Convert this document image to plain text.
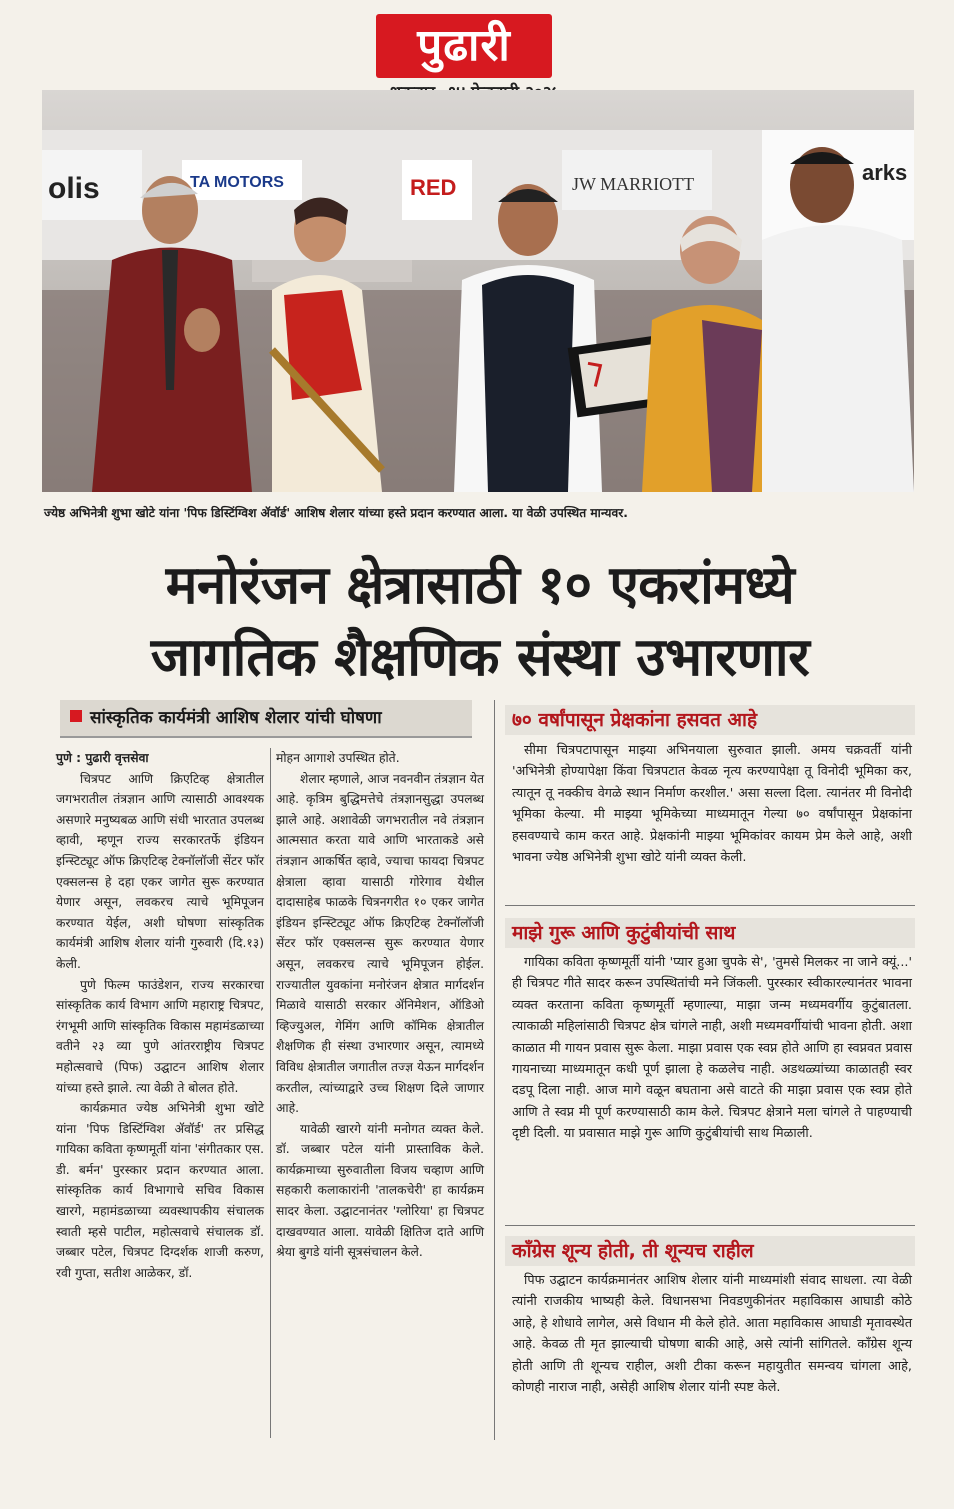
पुढारी
olis	TA MOTORS	RED	JW MARRIOTT	arks
ज्येष्ठ अभिनेत्री शुभा खोटे यांना 'पिफ डिस्टिंग्विश ॲवॉर्ड' आशिष शेलार यांच्या हस्ते प्रदान करण्यात आला. या वेळी उपस्थित मान्यवर.
मनोरंजन क्षेत्रासाठी १० एकरांमध्ये
जागतिक शैक्षणिक संस्था उभारणार
सांस्कृतिक कार्यमंत्री आशिष शेलार यांची घोषणा

पुणे : पुढारी वृत्तसेवा

चित्रपट आणि क्रिएटिव्ह क्षेत्रातील जगभरातील तंत्रज्ञान आणि त्यासाठी आवश्यक असणारे मनुष्यबळ आणि संधी भारतात उपलब्ध व्हावी, म्हणून राज्य सरकारतर्फे इंडियन इन्स्टिट्यूट ऑफ क्रिएटिव्ह टेक्नॉलॉजी सेंटर फॉर एक्सलन्स हे दहा एकर जागेत सुरू करण्यात येणार असून, लवकरच त्याचे भूमिपूजन करण्यात येईल, अशी घोषणा सांस्कृतिक कार्यमंत्री आशिष शेलार यांनी गुरुवारी (दि.१३) केली.

पुणे फिल्म फाउंडेशन, राज्य सरकारचा सांस्कृतिक कार्य विभाग आणि महाराष्ट्र चित्रपट, रंगभूमी आणि सांस्कृतिक विकास महामंडळाच्या वतीने २३ व्या पुणे आंतरराष्ट्रीय चित्रपट महोत्सवाचे (पिफ) उद्घाटन आशिष शेलार यांच्या हस्ते झाले. त्या वेळी ते बोलत होते.

कार्यक्रमात ज्येष्ठ अभिनेत्री शुभा खोटे यांना 'पिफ डिस्टिंग्विश ॲवॉर्ड' तर प्रसिद्ध गायिका कविता कृष्णमूर्ती यांना 'संगीतकार एस. डी. बर्मन' पुरस्कार प्रदान करण्यात आला. सांस्कृतिक कार्य विभागाचे सचिव विकास खारगे, महामंडळाच्या व्यवस्थापकीय संचालक स्वाती म्हसे पाटील, महोत्सवाचे संचालक डॉ. जब्बार पटेल, चित्रपट दिग्दर्शक शाजी करुण, रवी गुप्ता, सतीश आळेकर, डॉ.

मोहन आगाशे उपस्थित होते.

शेलार म्हणाले, आज नवनवीन तंत्रज्ञान येत आहे. कृत्रिम बुद्धिमत्तेचे तंत्रज्ञानसुद्धा उपलब्ध झाले आहे. अशावेळी जगभरातील नवे तंत्रज्ञान आत्मसात करता यावे आणि भारताकडे असे तंत्रज्ञान आकर्षित व्हावे, ज्याचा फायदा चित्रपट क्षेत्राला व्हावा यासाठी गोरेगाव येथील दादासाहेब फाळके चित्रनगरीत १० एकर जागेत इंडियन इन्स्टिट्यूट ऑफ क्रिएटिव्ह टेक्नॉलॉजी सेंटर फॉर एक्सलन्स सुरू करण्यात येणार असून, लवकरच त्याचे भूमिपूजन होईल. राज्यातील युवकांना मनोरंजन क्षेत्रात मार्गदर्शन मिळावे यासाठी सरकार ॲनिमेशन, ऑडिओ व्हिज्युअल, गेमिंग आणि कॉमिक क्षेत्रातील शैक्षणिक ही संस्था उभारणार असून, त्यामध्ये विविध क्षेत्रातील जगातील तज्ज्ञ येऊन मार्गदर्शन करतील, त्यांच्याद्वारे उच्च शिक्षण दिले जाणार आहे.

यावेळी खारगे यांनी मनोगत व्यक्त केले. डॉ. जब्बार पटेल यांनी प्रास्ताविक केले. कार्यक्रमाच्या सुरुवातीला विजय चव्हाण आणि सहकारी कलाकारांनी 'तालकचेरी' हा कार्यक्रम सादर केला. उद्घाटनानंतर 'ग्लोरिया' हा चित्रपट दाखवण्यात आला. यावेळी क्षितिज दाते आणि श्रेया बुगडे यांनी सूत्रसंचालन केले.

७० वर्षांपासून प्रेक्षकांना हसवत आहे

सीमा चित्रपटापासून माझ्या अभिनयाला सुरुवात झाली. अमय चक्रवर्ती यांनी 'अभिनेत्री होण्यापेक्षा किंवा चित्रपटात केवळ नृत्य करण्यापेक्षा तू विनोदी भूमिका कर, त्यातून तू नक्कीच वेगळे स्थान निर्माण करशील.' असा सल्ला दिला. त्यानंतर मी विनोदी भूमिका केल्या. मी माझ्या भूमिकेच्या माध्यमातून गेल्या ७० वर्षांपासून प्रेक्षकांना हसवण्याचे काम करत आहे. प्रेक्षकांनी माझ्या भूमिकांवर कायम प्रेम केले आहे, अशी भावना ज्येष्ठ अभिनेत्री शुभा खोटे यांनी व्यक्त केली.

माझे गुरू आणि कुटुंबीयांची साथ

गायिका कविता कृष्णमूर्ती यांनी 'प्यार हुआ चुपके से', 'तुमसे मिलकर ना जाने क्यूं...' ही चित्रपट गीते सादर करून उपस्थितांची मने जिंकली. पुरस्कार स्वीकारल्यानंतर भावना व्यक्त करताना कविता कृष्णमूर्ती म्हणाल्या, माझा जन्म मध्यमवर्गीय कुटुंबातला. त्याकाळी महिलांसाठी चित्रपट क्षेत्र चांगले नाही, अशी मध्यमवर्गीयांची भावना होती. अशा काळात मी गायन प्रवास सुरू केला. माझा प्रवास एक स्वप्न होते आणि हा स्वप्नवत प्रवास गायनाच्या माध्यमातून कधी पूर्ण झाला हे कळलेच नाही. अडथळ्यांच्या काळातही स्वर दडपू दिला नाही. आज मागे वळून बघताना असे वाटते की माझा प्रवास एक स्वप्न होते आणि ते स्वप्न मी पूर्ण करण्यासाठी काम केले. चित्रपट क्षेत्राने मला चांगले ते पाहण्याची दृष्टी दिली. या प्रवासात माझे गुरू आणि कुटुंबीयांची साथ मिळाली.

काँग्रेस शून्य होती, ती शून्यच राहील

पिफ उद्घाटन कार्यक्रमानंतर आशिष शेलार यांनी माध्यमांशी संवाद साधला. त्या वेळी त्यांनी राजकीय भाष्यही केले. विधानसभा निवडणुकीनंतर महाविकास आघाडी कोठे आहे, हे शोधावे लागेल, असे विधान मी केले होते. आता महाविकास आघाडी मृतावस्थेत आहे. केवळ ती मृत झाल्याची घोषणा बाकी आहे, असे त्यांनी सांगितले. काँग्रेस शून्य होती आणि ती शून्यच राहील, अशी टीका करून महायुतीत समन्वय चांगला आहे, कोणही नाराज नाही, असेही आशिष शेलार यांनी स्पष्ट केले.
